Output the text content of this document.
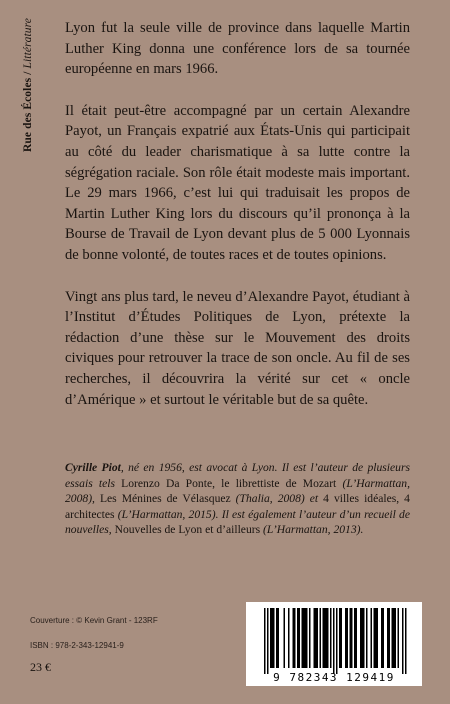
Rue des Écoles / Littérature	Lyon fut la seule ville de province dans laquelle Martin Luther King donna une conférence lors de sa tournée européenne en mars 1966.

Il était peut-être accompagné par un certain Alexandre Payot, un Français expatrié aux États-Unis qui participait au côté du leader charismatique à sa lutte contre la ségrégation raciale. Son rôle était modeste mais important. Le 29 mars 1966, c’est lui qui traduisait les propos de Martin Luther King lors du discours qu’il prononça à la Bourse de Travail de Lyon devant plus de 5 000 Lyonnais de bonne volonté, de toutes races et de toutes opinions.

Vingt ans plus tard, le neveu d’Alexandre Payot, étudiant à l’Institut d’Études Politiques de Lyon, prétexte la rédaction d’une thèse sur le Mouvement des droits civiques pour retrouver la trace de son oncle. Au fil de ses recherches, il découvrira la vérité sur cet « oncle d’Amérique » et surtout le véritable but de sa quête.

Cyrille Piot, né en 1956, est avocat à Lyon. Il est l’auteur de plusieurs essais tels Lorenzo Da Ponte, le librettiste de Mozart (L’Harmattan, 2008), Les Ménines de Vélasquez (Thalia, 2008) et 4 villes idéales, 4 architectes (L’Harmattan, 2015). Il est également l’auteur d’un recueil de nouvelles, Nouvelles de Lyon et d’ailleurs (L’Harmattan, 2013).
Couverture : © Kevin Grant - 123RF
ISBN : 978-2-343-12941-9
23 €
9 782343 129419
